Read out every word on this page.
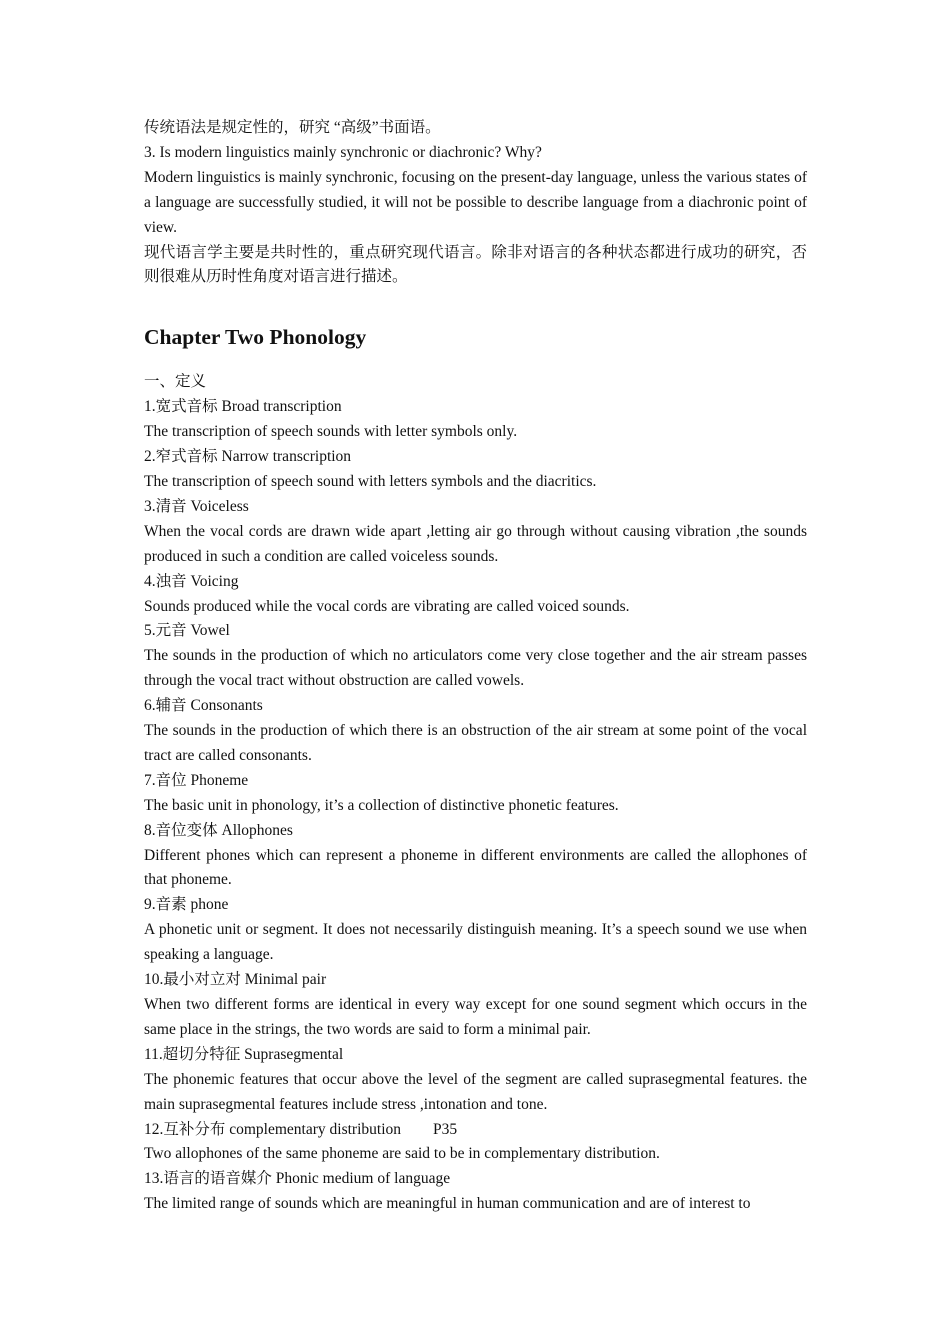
传统语法是规定性的，研究 “高级”书面语。

3. Is modern linguistics mainly synchronic or diachronic? Why?

Modern linguistics is mainly synchronic, focusing on the present-day language, unless the various states of a language are successfully studied, it will not be possible to describe language from a diachronic point of view.

现代语言学主要是共时性的，重点研究现代语言。除非对语言的各种状态都进行成功的研究，否则很难从历时性角度对语言进行描述。

Chapter Two Phonology

一、定义

1.宽式音标 Broad transcription

The transcription of speech sounds with letter symbols only.

2.窄式音标 Narrow transcription

The transcription of speech sound with letters symbols and the diacritics.

3.清音 Voiceless

When the vocal cords are drawn wide apart ,letting air go through without causing vibration ,the sounds produced in such a condition are called voiceless sounds.

4.浊音 Voicing

Sounds produced while the vocal cords are vibrating are called voiced sounds.

5.元音 Vowel

The sounds in the production of which no articulators come very close together and the air stream passes through the vocal tract without obstruction are called vowels.

6.辅音 Consonants

The sounds in the production of which there is an obstruction of the air stream at some point of the vocal tract are called consonants.

7.音位 Phoneme

The basic unit in phonology, it’s a collection of distinctive phonetic features.

8.音位变体 Allophones

Different phones which can represent a phoneme in different environments are called the allophones of that phoneme.

9.音素 phone

A phonetic unit or segment. It does not necessarily distinguish meaning. It’s a speech sound we use when speaking a language.

10.最小对立对 Minimal pair

When two different forms are identical in every way except for one sound segment which occurs in the same place in the strings, the two words are said to form a minimal pair.

11.超切分特征 Suprasegmental

The phonemic features that occur above the level of the segment are called suprasegmental features. the main suprasegmental features include stress ,intonation and tone.

12.互补分布 complementary distribution P35

Two allophones of the same phoneme are said to be in complementary distribution.

13.语言的语音媒介 Phonic medium of language

The limited range of sounds which are meaningful in human communication and are of interest to
